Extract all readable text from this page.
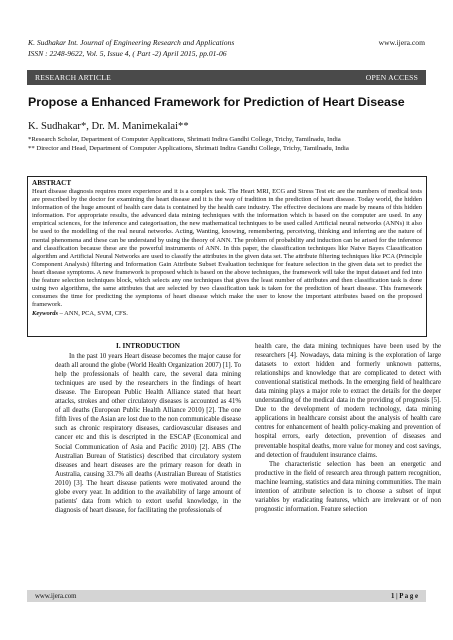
K. Sudhakar Int. Journal of Engineering Research and Applications	www.ijera.com
ISSN : 2248-9622, Vol. 5, Issue 4, ( Part -2) April 2015, pp.01-06
RESEARCH ARTICLE	OPEN ACCESS
Propose a Enhanced Framework for Prediction of Heart Disease
K. Sudhakar*, Dr. M. Manimekalai**
*Research Scholar, Department of Computer Applications, Shrimati Indira Gandhi College, Trichy, Tamilnadu, India
** Director and Head, Department of Computer Applications, Shrimati Indira Gandhi College, Trichy, Tamilnadu, India
ABSTRACT
Heart disease diagnosis requires more experience and it is a complex task. The Heart MRI, ECG and Stress Test etc are the numbers of medical tests are prescribed by the doctor for examining the heart disease and it is the way of tradition in the prediction of heart disease. Today world, the hidden information of the huge amount of health care data is contained by the health care industry. The effective decisions are made by means of this hidden information. For appropriate results, the advanced data mining techniques with the information which is based on the computer are used. In any empirical sciences, for the inference and categorisation, the new mathematical techniques to be used called Artificial neural networks (ANNs) it also be used to the modelling of the real neural networks. Acting, Wanting, knowing, remembering, perceiving, thinking and inferring are the nature of mental phenomena and these can be understand by using the theory of ANN. The problem of probability and induction can be arised for the inference and classification because these are the powerful instruments of ANN. In this paper, the classification techniques like Naive Bayes Classification algorithm and Artificial Neural Networks are used to classify the attributes in the given data set. The attribute filtering techniques like PCA (Principle Component Analysis) filtering and Information Gain Attribute Subset Evaluation technique for feature selection in the given data set to predict the heart disease symptoms. A new framework is proposed which is based on the above techniques, the framework will take the input dataset and fed into the feature selection techniques block, which selects any one techniques that gives the least number of attributes and then classification task is done using two algorithms, the same attributes that are selected by two classification task is taken for the prediction of heart disease. This framework consumes the time for predicting the symptoms of heart disease which make the user to know the important attributes based on the proposed framework.
Keywords – ANN, PCA, SVM, CFS.
I. INTRODUCTION

In the past 10 years Heart disease becomes the major cause for death all around the globe (World Health Organization 2007) [1]. To help the professionals of health care, the several data mining techniques are used by the researchers in the findings of heart disease. The European Public Health Alliance stated that heart attacks, strokes and other circulatory diseases is accounted as 41% of all deaths (European Public Health Alliance 2010) [2]. The one fifth lives of the Asian are lost due to the non communicable disease such as chronic respiratory diseases, cardiovascular diseases and cancer etc and this is descripted in the ESCAP (Economical and Social Communication of Asia and Pacific 2010) [2]. ABS (The Australian Bureau of Statistics) described that circulatory system diseases and heart diseases are the primary reason for death in Australia, causing 33.7% all deaths (Australian Bureau of Statistics 2010) [3]. The heart disease patients were motivated around the globe every year. In addition to the availability of large amount of patients' data from which to extort useful knowledge, in the diagnosis of heart disease, for facilitating the professionals of

health care, the data mining techniques have been used by the researchers [4]. Nowadays, data mining is the exploration of large datasets to extort hidden and formerly unknown patterns, relationships and knowledge that are complicated to detect with conventional statistical methods. In the emerging field of healthcare data mining plays a major role to extract the details for the deeper understanding of the medical data in the providing of prognosis [5]. Due to the development of modern technology, data mining applications in healthcare consist about the analysis of health care centres for enhancement of health policy-making and prevention of hospital errors, early detection, prevention of diseases and preventable hospital deaths, more value for money and cost savings, and detection of fraudulent insurance claims.

The characteristic selection has been an energetic and productive in the field of research area through pattern recognition, machine learning, statistics and data mining communities. The main intention of attribute selection is to choose a subset of input variables by eradicating features, which are irrelevant or of non prognostic information. Feature selection

www.ijera.com	1 | P a g e
